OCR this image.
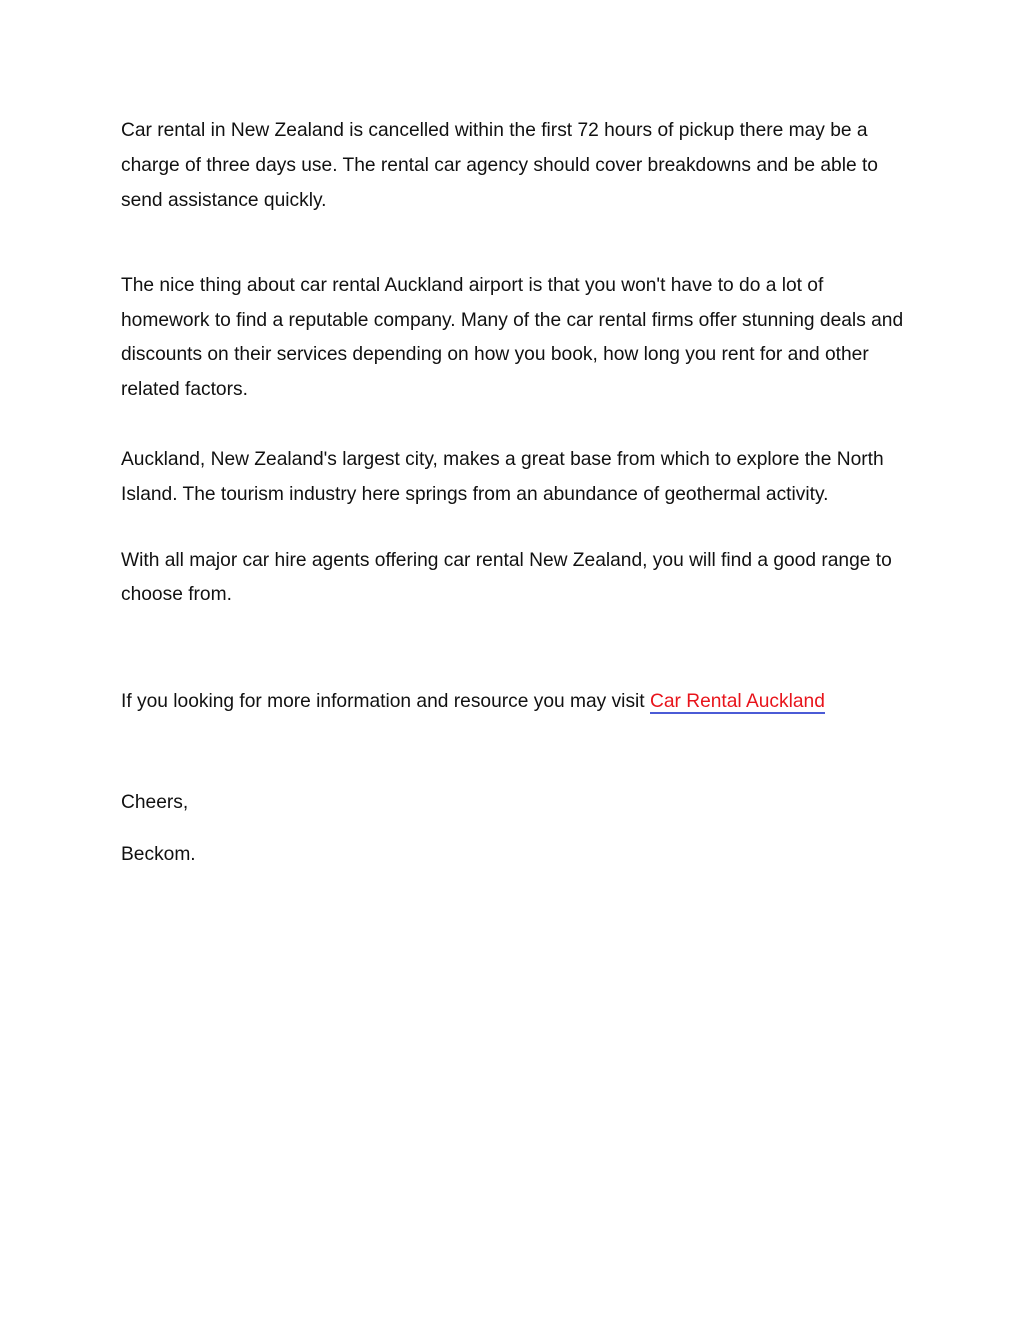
Car rental in New Zealand is cancelled within the first 72 hours of pickup there may be a charge of three days use. The rental car agency should cover breakdowns and be able to send assistance quickly.

The nice thing about car rental Auckland airport is that you won't have to do a lot of homework to find a reputable company. Many of the car rental firms offer stunning deals and discounts on their services depending on how you book, how long you rent for and other related factors.

Auckland, New Zealand's largest city, makes a great base from which to explore the North Island. The tourism industry here springs from an abundance of geothermal activity.

With all major car hire agents offering car rental New Zealand, you will find a good range to choose from.

If you looking for more information and resource you may visit Car Rental Auckland

Cheers,

Beckom.
